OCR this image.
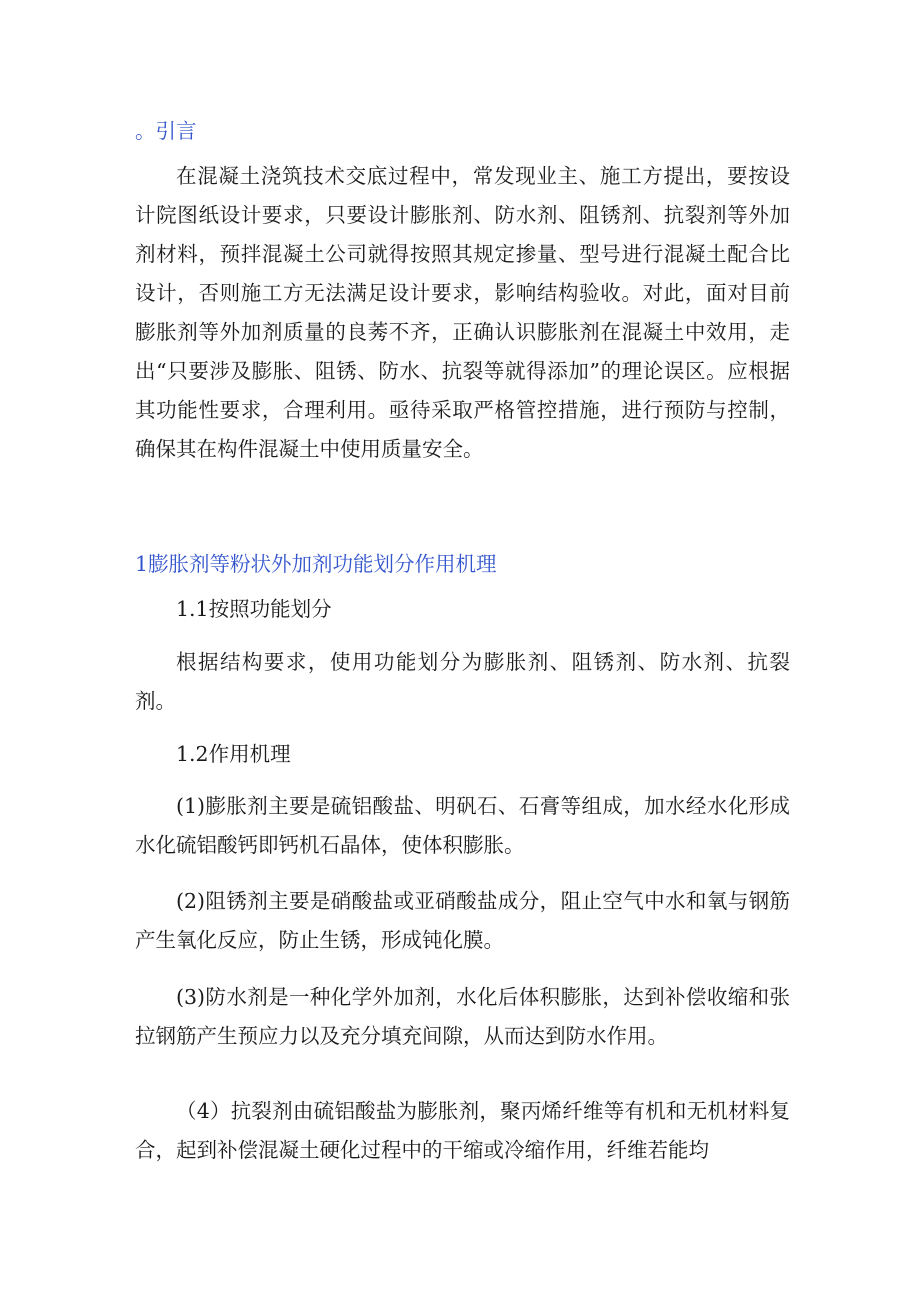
。引言

在混凝土浇筑技术交底过程中，常发现业主、施工方提出，要按设计院图纸设计要求，只要设计膨胀剂、防水剂、阻锈剂、抗裂剂等外加剂材料，预拌混凝土公司就得按照其规定掺量、型号进行混凝土配合比设计，否则施工方无法满足设计要求，影响结构验收。对此，面对目前膨胀剂等外加剂质量的良莠不齐，正确认识膨胀剂在混凝土中效用，走出“只要涉及膨胀、阻锈、防水、抗裂等就得添加”的理论误区。应根据其功能性要求，合理利用。亟待采取严格管控措施，进行预防与控制，确保其在构件混凝土中使用质量安全。

1膨胀剂等粉状外加剂功能划分作用机理

1.1按照功能划分

根据结构要求，使用功能划分为膨胀剂、阻锈剂、防水剂、抗裂剂。

1.2作用机理

(1)膨胀剂主要是硫铝酸盐、明矾石、石膏等组成，加水经水化形成水化硫铝酸钙即钙机石晶体，使体积膨胀。

(2)阻锈剂主要是硝酸盐或亚硝酸盐成分，阻止空气中水和氧与钢筋产生氧化反应，防止生锈，形成钝化膜。

(3)防水剂是一种化学外加剂，水化后体积膨胀，达到补偿收缩和张拉钢筋产生预应力以及充分填充间隙，从而达到防水作用。

（4）抗裂剂由硫铝酸盐为膨胀剂，聚丙烯纤维等有机和无机材料复合，起到补偿混凝土硬化过程中的干缩或冷缩作用，纤维若能均
